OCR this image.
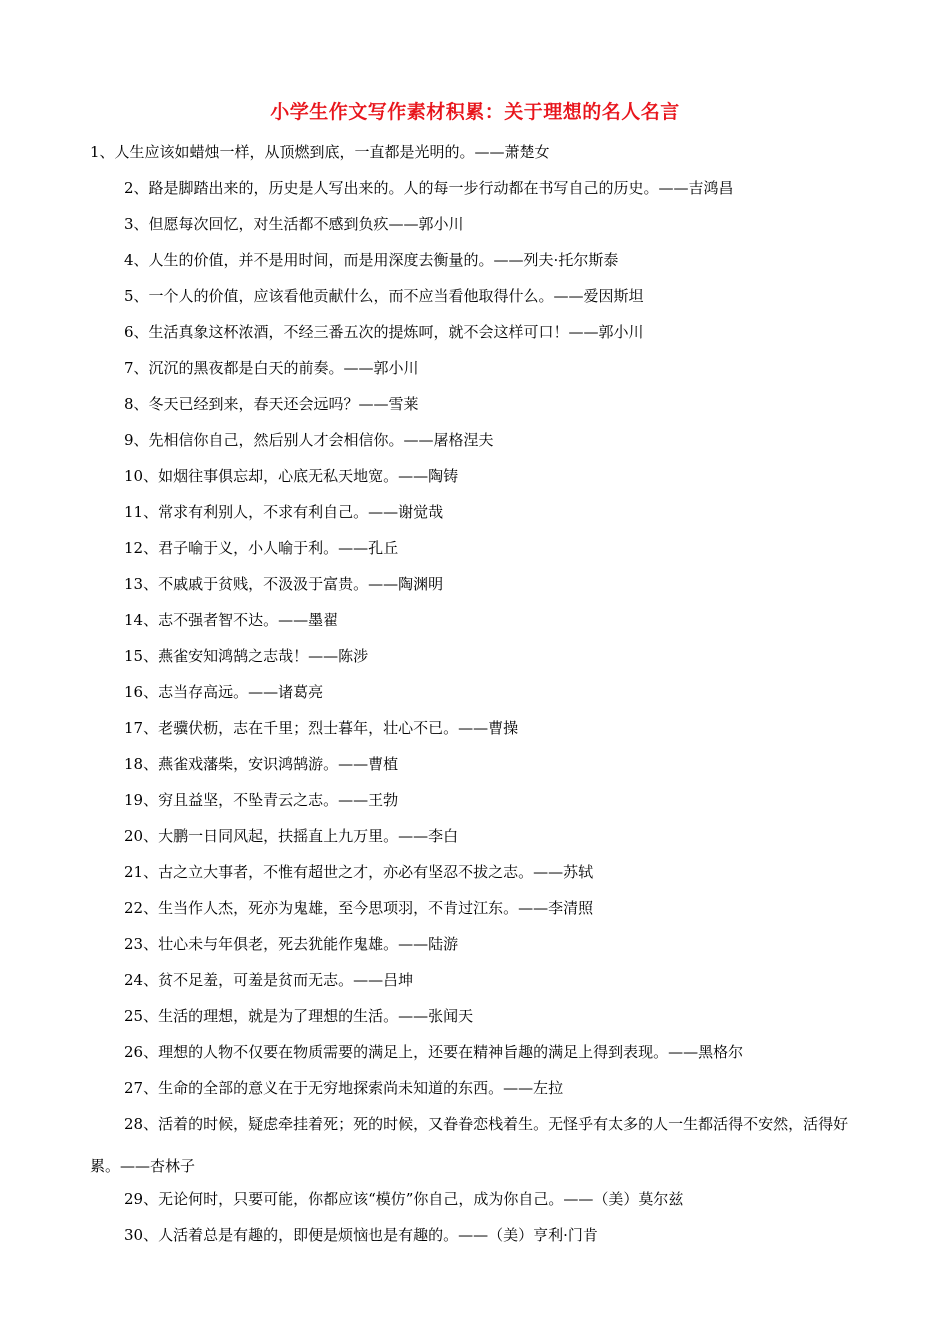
小学生作文写作素材积累：关于理想的名人名言
1、人生应该如蜡烛一样，从顶燃到底，一直都是光明的。——萧楚女
2、路是脚踏出来的，历史是人写出来的。人的每一步行动都在书写自己的历史。——吉鸿昌
3、但愿每次回忆，对生活都不感到负疚——郭小川
4、人生的价值，并不是用时间，而是用深度去衡量的。——列夫·托尔斯泰
5、一个人的价值，应该看他贡献什么，而不应当看他取得什么。——爱因斯坦
6、生活真象这杯浓酒，不经三番五次的提炼呵，就不会这样可口！——郭小川
7、沉沉的黑夜都是白天的前奏。——郭小川
8、冬天已经到来，春天还会远吗？——雪莱
9、先相信你自己，然后别人才会相信你。——屠格涅夫
10、如烟往事俱忘却，心底无私天地宽。——陶铸
11、常求有利别人，不求有利自己。——谢觉哉
12、君子喻于义，小人喻于利。——孔丘
13、不戚戚于贫贱，不汲汲于富贵。——陶渊明
14、志不强者智不达。——墨翟
15、燕雀安知鸿鹄之志哉！——陈涉
16、志当存高远。——诸葛亮
17、老骥伏枥，志在千里；烈士暮年，壮心不已。——曹操
18、燕雀戏藩柴，安识鸿鹄游。——曹植
19、穷且益坚，不坠青云之志。——王勃
20、大鹏一日同风起，扶摇直上九万里。——李白
21、古之立大事者，不惟有超世之才，亦必有坚忍不拔之志。——苏轼
22、生当作人杰，死亦为鬼雄，至今思项羽，不肯过江东。——李清照
23、壮心未与年俱老，死去犹能作鬼雄。——陆游
24、贫不足羞，可羞是贫而无志。——吕坤
25、生活的理想，就是为了理想的生活。——张闻天
26、理想的人物不仅要在物质需要的满足上，还要在精神旨趣的满足上得到表现。——黑格尔
27、生命的全部的意义在于无穷地探索尚未知道的东西。——左拉
28、活着的时候，疑虑牵挂着死；死的时候，又眷眷恋栈着生。无怪乎有太多的人一生都活得不安然，活得好累。——杏林子
29、无论何时，只要可能，你都应该“模仿”你自己，成为你自己。——（美）莫尔兹
30、人活着总是有趣的，即便是烦恼也是有趣的。——（美）亨利·门肯
